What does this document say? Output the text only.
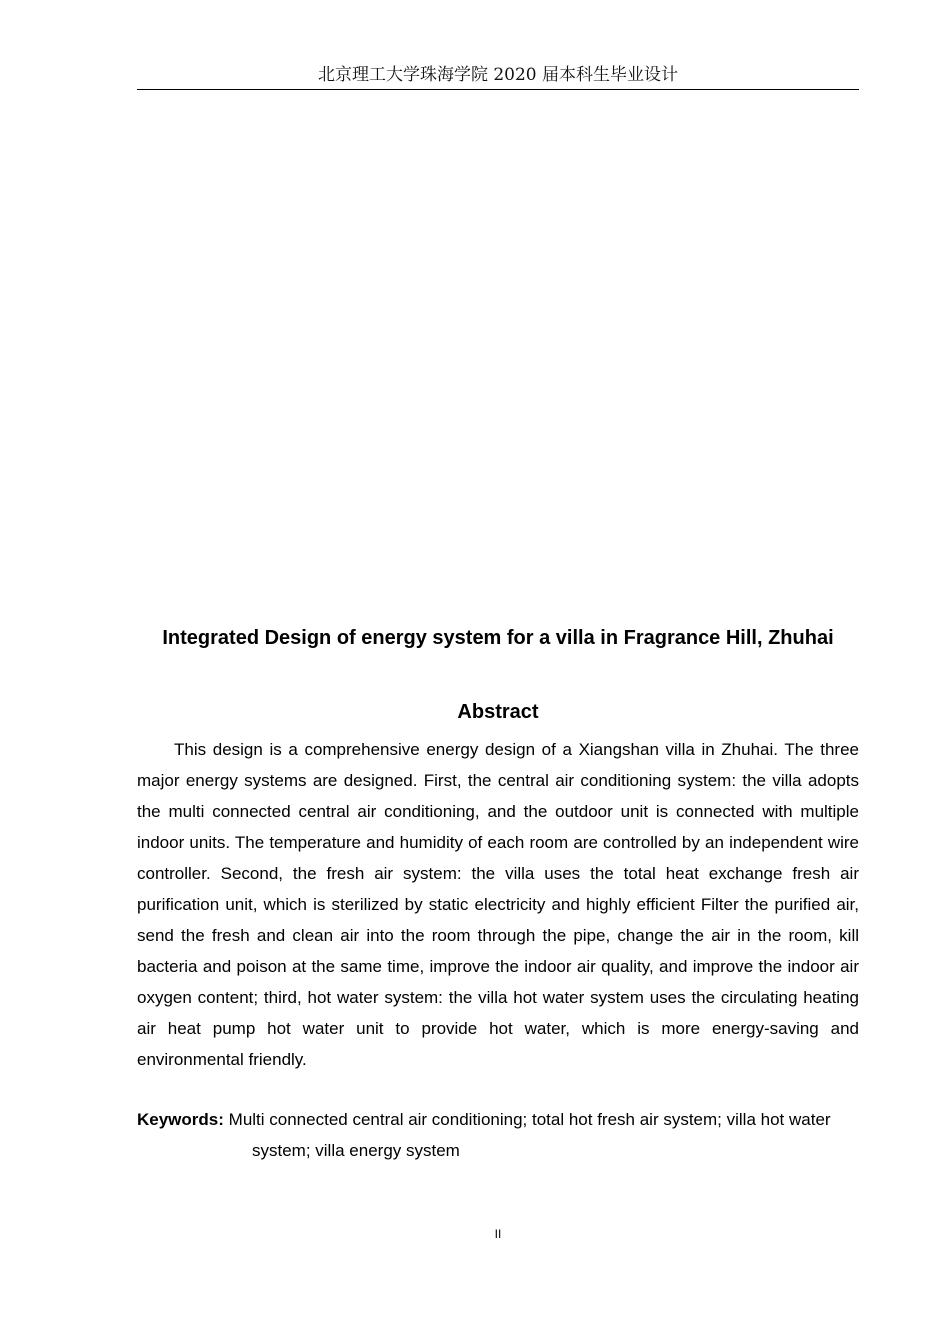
北京理工大学珠海学院 2020 届本科生毕业设计
Integrated Design of energy system for a villa in Fragrance Hill, Zhuhai
Abstract

This design is a comprehensive energy design of a Xiangshan villa in Zhuhai. The three major energy systems are designed. First, the central air conditioning system: the villa adopts the multi connected central air conditioning, and the outdoor unit is connected with multiple indoor units. The temperature and humidity of each room are controlled by an independent wire controller. Second, the fresh air system: the villa uses the total heat exchange fresh air purification unit, which is sterilized by static electricity and highly efficient Filter the purified air, send the fresh and clean air into the room through the pipe, change the air in the room, kill bacteria and poison at the same time, improve the indoor air quality, and improve the indoor air oxygen content; third, hot water system: the villa hot water system uses the circulating heating air heat pump hot water unit to provide hot water, which is more energy-saving and environmental friendly.

Keywords: Multi connected central air conditioning; total hot fresh air system; villa hot water
system; villa energy system
II
